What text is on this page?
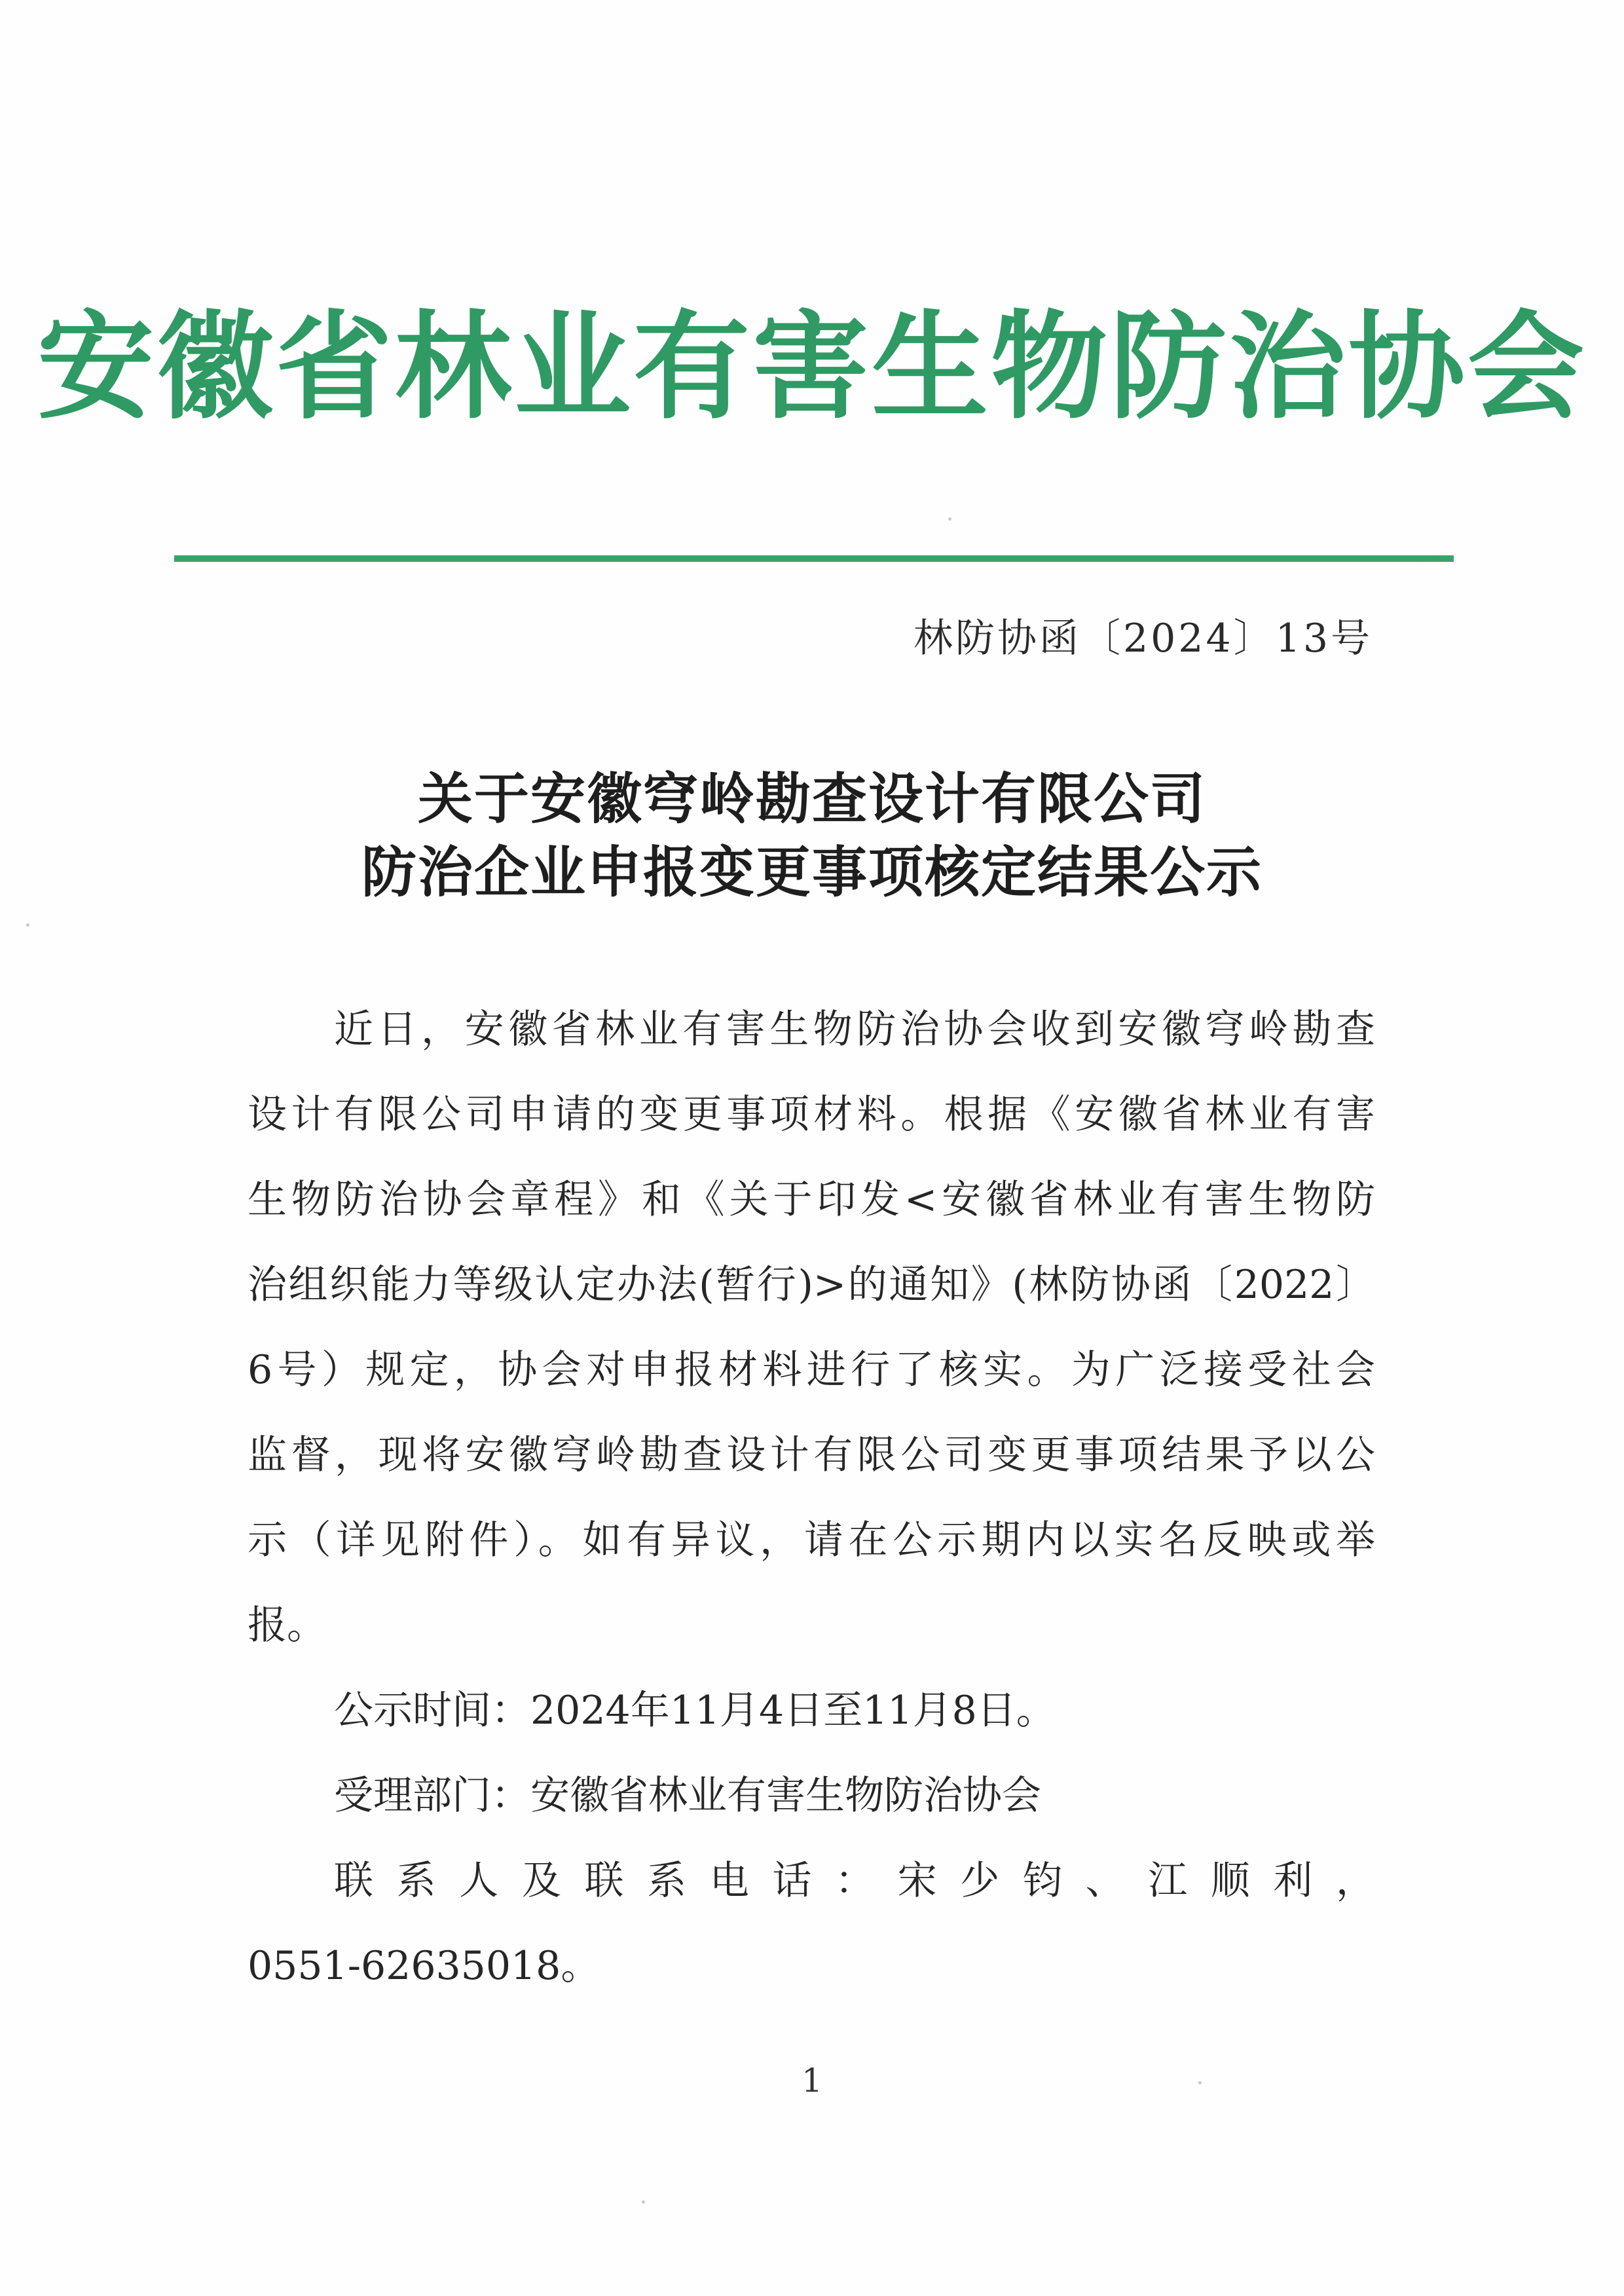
安徽省林业有害生物防治协会
林防协函〔2024〕13号
关于安徽穹岭勘查设计有限公司
防治企业申报变更事项核定结果公示
近日，安徽省林业有害生物防治协会收到安徽穹岭勘查
设计有限公司申请的变更事项材料。根据《安徽省林业有害
生物防治协会章程》和《关于印发<安徽省林业有害生物防
治组织能力等级认定办法(暂行)>的通知》(林防协函〔2022〕
6号）规定，协会对申报材料进行了核实。为广泛接受社会
监督，现将安徽穹岭勘查设计有限公司变更事项结果予以公
示（详见附件）。如有异议，请在公示期内以实名反映或举
报。
公示时间：2024年11月4日至11月8日。
受理部门：安徽省林业有害生物防治协会
联系人及联系电话：宋少钧、江顺利，
0551-62635018。
1
